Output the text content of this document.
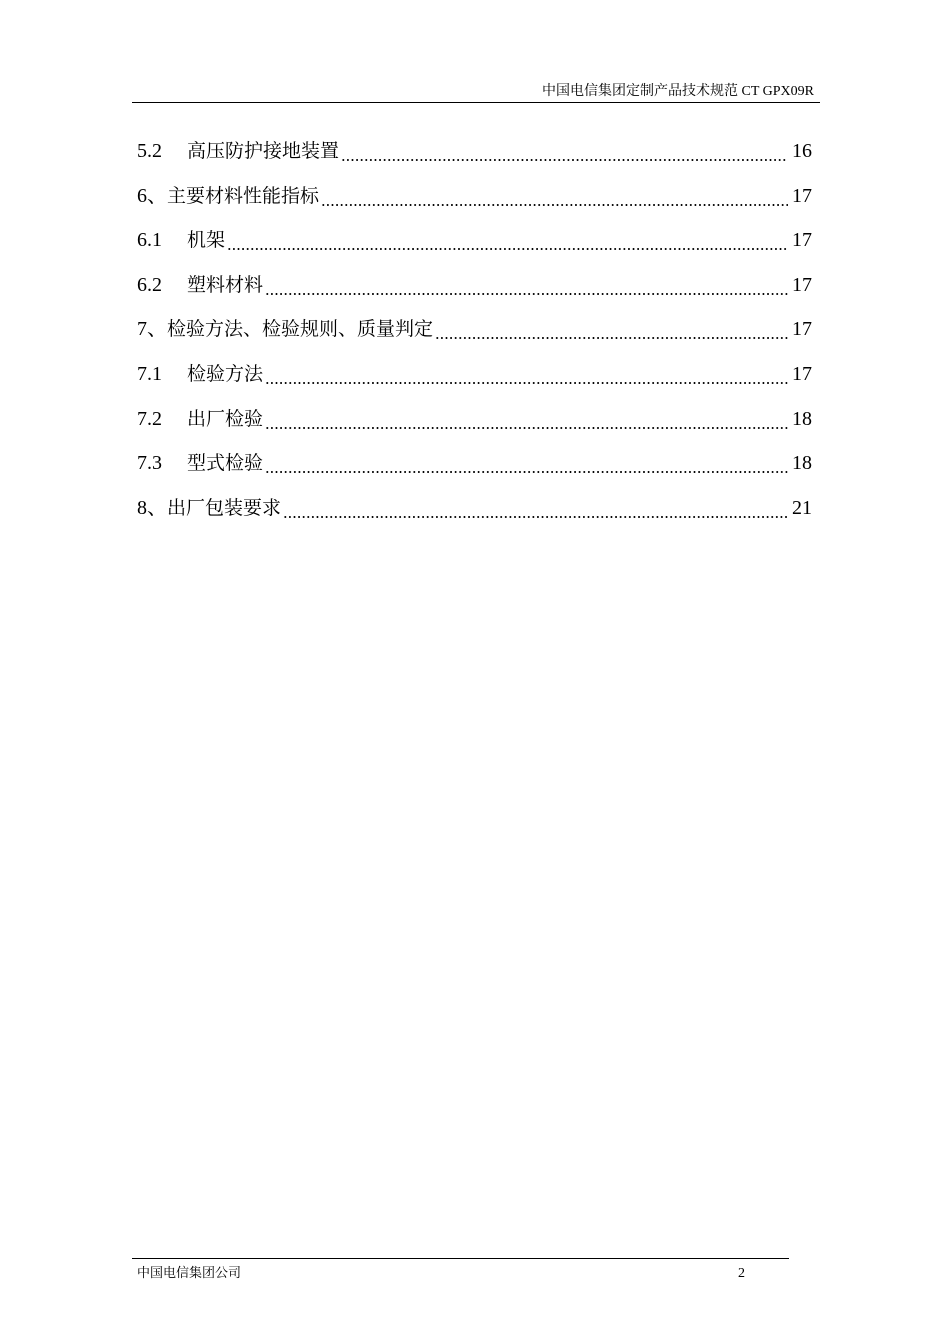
中国电信集团定制产品技术规范 CT GPX09R
5.2	高压防护接地装置	16
6、 主要材料性能指标	17
6.1	机架	17
6.2	塑料材料	17
7、 检验方法、检验规则、质量判定	17
7.1	检验方法	17
7.2	出厂检验	18
7.3	型式检验	18
8、 出厂包装要求	21
中国电信集团公司	2
